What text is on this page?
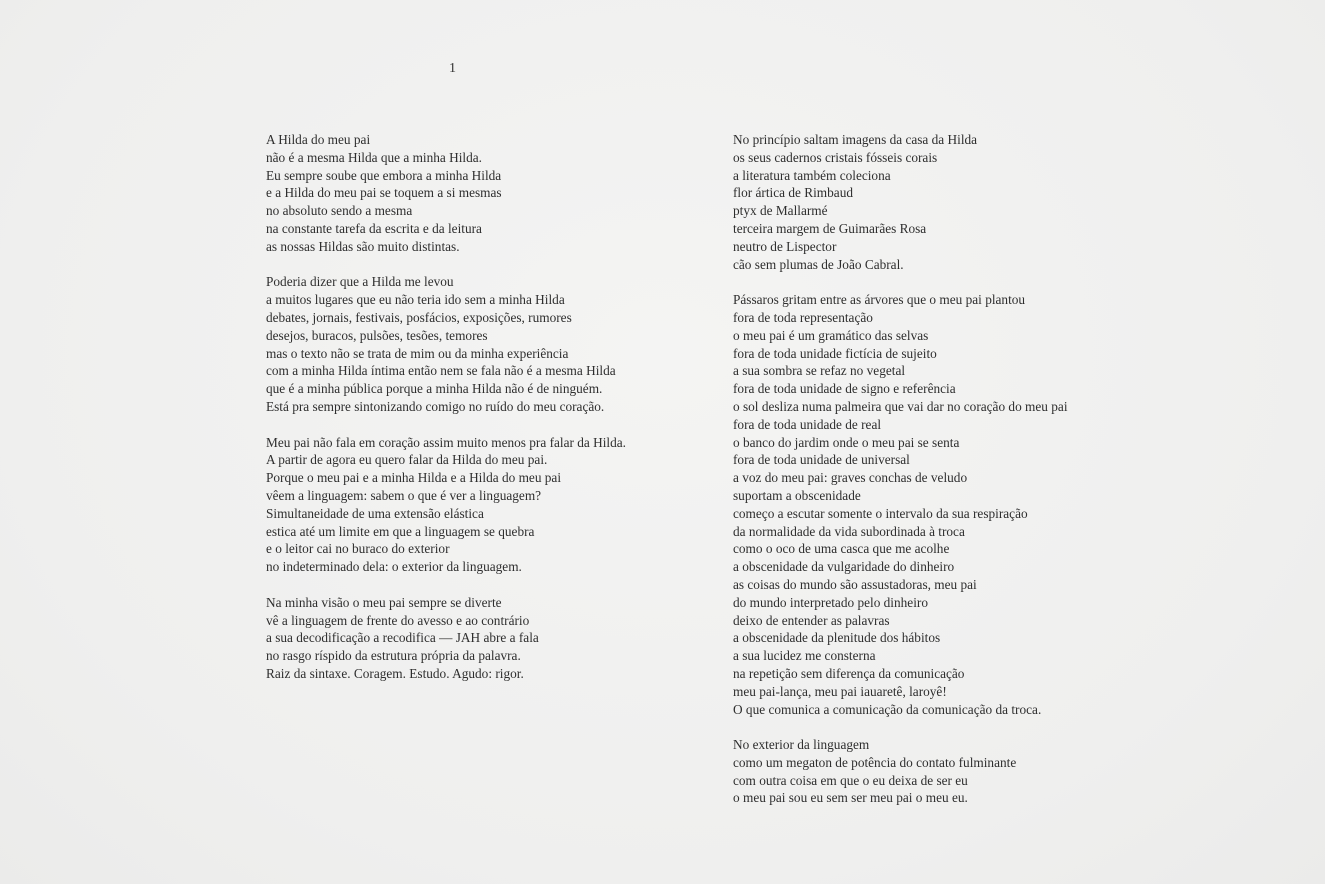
1
A Hilda do meu pai
não é a mesma Hilda que a minha Hilda.
Eu sempre soube que embora a minha Hilda
e a Hilda do meu pai se toquem a si mesmas
no absoluto sendo a mesma
na constante tarefa da escrita e da leitura
as nossas Hildas são muito distintas.
Poderia dizer que a Hilda me levou
a muitos lugares que eu não teria ido sem a minha Hilda
debates, jornais, festivais, posfácios, exposições, rumores
desejos, buracos, pulsões, tesões, temores
mas o texto não se trata de mim ou da minha experiência
com a minha Hilda íntima então nem se fala não é a mesma Hilda
que é a minha pública porque a minha Hilda não é de ninguém.
Está pra sempre sintonizando comigo no ruído do meu coração.
Meu pai não fala em coração assim muito menos pra falar da Hilda.
A partir de agora eu quero falar da Hilda do meu pai.
Porque o meu pai e a minha Hilda e a Hilda do meu pai
vêem a linguagem: sabem o que é ver a linguagem?
Simultaneidade de uma extensão elástica
estica até um limite em que a linguagem se quebra
e o leitor cai no buraco do exterior
no indeterminado dela: o exterior da linguagem.
Na minha visão o meu pai sempre se diverte
vê a linguagem de frente do avesso e ao contrário
a sua decodificação a recodifica — JAH abre a fala
no rasgo ríspido da estrutura própria da palavra.
Raiz da sintaxe. Coragem. Estudo. Agudo: rigor.
No princípio saltam imagens da casa da Hilda
os seus cadernos cristais fósseis corais
a literatura também coleciona
flor ártica de Rimbaud
ptyx de Mallarmé
terceira margem de Guimarães Rosa
neutro de Lispector
cão sem plumas de João Cabral.
Pássaros gritam entre as árvores que o meu pai plantou
fora de toda representação
o meu pai é um gramático das selvas
fora de toda unidade fictícia de sujeito
a sua sombra se refaz no vegetal
fora de toda unidade de signo e referência
o sol desliza numa palmeira que vai dar no coração do meu pai
fora de toda unidade de real
o banco do jardim onde o meu pai se senta
fora de toda unidade de universal
a voz do meu pai: graves conchas de veludo
suportam a obscenidade
começo a escutar somente o intervalo da sua respiração
da normalidade da vida subordinada à troca
como o oco de uma casca que me acolhe
a obscenidade da vulgaridade do dinheiro
as coisas do mundo são assustadoras, meu pai
do mundo interpretado pelo dinheiro
deixo de entender as palavras
a obscenidade da plenitude dos hábitos
a sua lucidez me consterna
na repetição sem diferença da comunicação
meu pai-lança, meu pai iauaretê, laroyê!
O que comunica a comunicação da comunicação da troca.
No exterior da linguagem
como um megaton de potência do contato fulminante
com outra coisa em que o eu deixa de ser eu
o meu pai sou eu sem ser meu pai o meu eu.
